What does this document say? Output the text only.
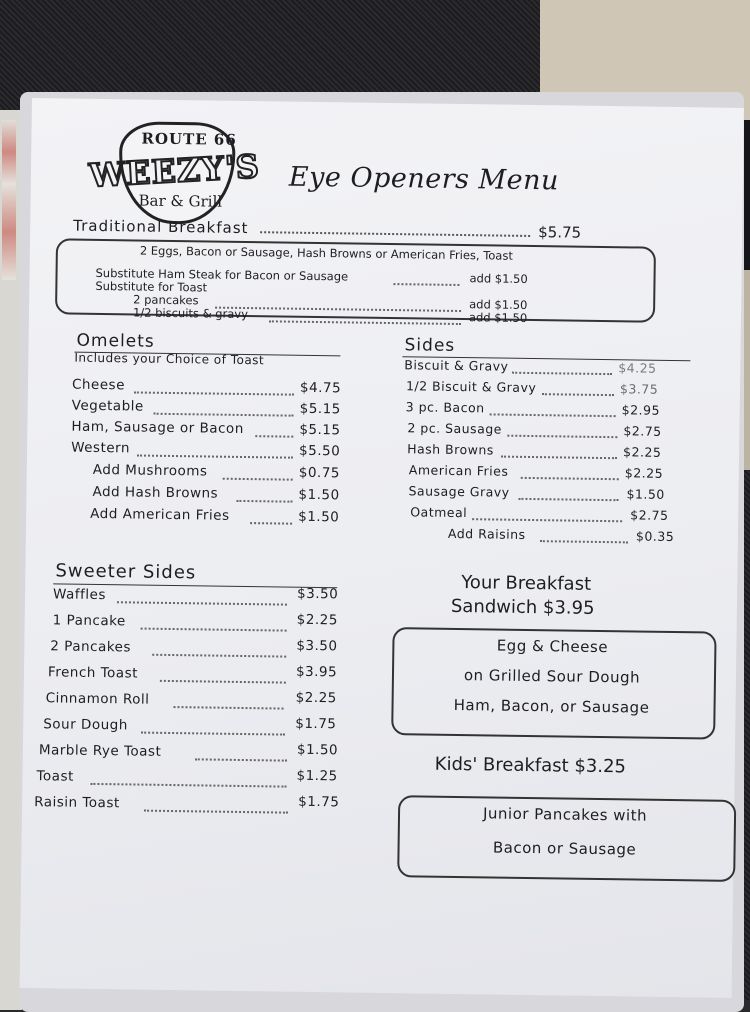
ROUTE 66
WEEZY'S
Bar & Grill
Eye Openers Menu
Traditional Breakfast	$5.75
2 Eggs, Bacon or Sausage, Hash Browns or American Fries, Toast
Substitute Ham Steak for Bacon or Sausage	add $1.50
Substitute for Toast
2 pancakes	add $1.50
1/2 biscuits & gravy	add $1.50
Omelets
Includes your Choice of Toast
Cheese	$4.75
Vegetable	$5.15
Ham, Sausage or Bacon	$5.15
Western	$5.50
Add Mushrooms	$0.75
Add Hash Browns	$1.50
Add American Fries	$1.50
Sides
Biscuit & Gravy	$4.25
1/2 Biscuit & Gravy	$3.75
3 pc. Bacon	$2.95
2 pc. Sausage	$2.75
Hash Browns	$2.25
American Fries	$2.25
Sausage Gravy	$1.50
Oatmeal	$2.75
Add Raisins	$0.35
Sweeter Sides
Waffles	$3.50
1 Pancake	$2.25
2 Pancakes	$3.50
French Toast	$3.95
Cinnamon Roll	$2.25
Sour Dough	$1.75
Marble Rye Toast	$1.50
Toast	$1.25
Raisin Toast	$1.75
Your Breakfast
Sandwich $3.95
Egg & Cheese
on Grilled Sour Dough
Ham, Bacon, or Sausage
Kids' Breakfast $3.25
Junior Pancakes with
Bacon or Sausage
